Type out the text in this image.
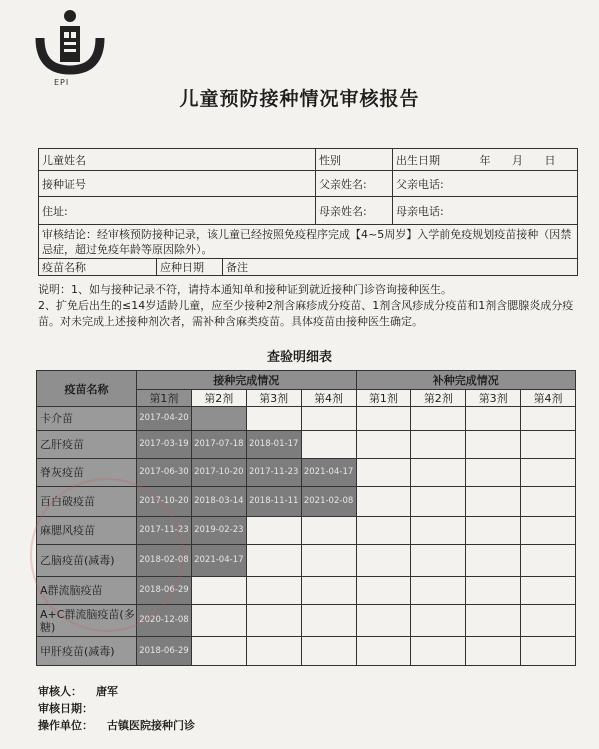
EPI
儿童预防接种情况审核报告
儿童姓名	性别	出生日期 年 月 日
接种证号	父亲姓名:	父亲电话:
住址:	母亲姓名:	母亲电话:
审核结论：经审核预防接种记录，该儿童已经按照免疫程序完成【4~5周岁】入学前免疫规划疫苗接种（因禁忌症，超过免疫年龄等原因除外）。		
疫苗名称 应种日期 备注		

说明：1、如与接种记录不符，请持本通知单和接种证到就近接种门诊咨询接种医生。

2、扩免后出生的≤14岁适龄儿童，应至少接种2剂含麻疹成分疫苗、1剂含风疹成分疫苗和1剂含腮腺炎成分疫苗。对未完成上述接种剂次者，需补种含麻类疫苗。具体疫苗由接种医生确定。

查验明细表
疫苗名称	接种完成情况				补种完成情况			
	第1剂	第2剂	第3剂	第4剂	第1剂	第2剂	第3剂	第4剂
卡介苗	2017-04-20							
乙肝疫苗	2017-03-19	2017-07-18	2018-01-17					
脊灰疫苗	2017-06-30	2017-10-20	2017-11-23	2021-04-17				
百白破疫苗	2017-10-20	2018-03-14	2018-11-11	2021-02-08				
麻腮风疫苗	2017-11-23	2019-02-23						
乙脑疫苗(减毒)	2018-02-08	2021-04-17						
A群流脑疫苗	2018-06-29							
A+C群流脑疫苗(多糖)	2020-12-08							
甲肝疫苗(减毒)	2018-06-29							
审核人： 唐军
审核日期：
操作单位： 古镇医院接种门诊
